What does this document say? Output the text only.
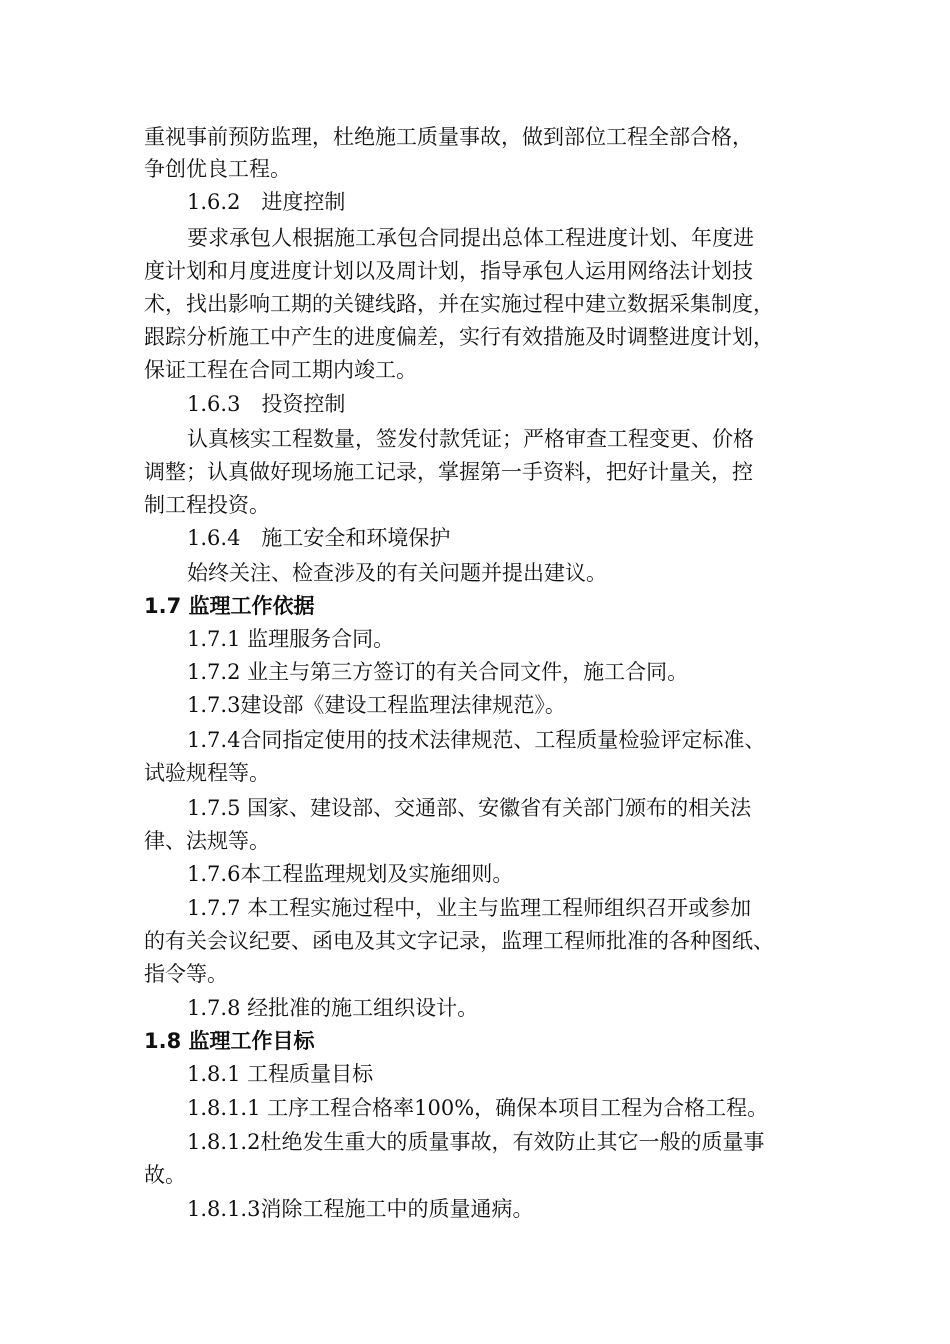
重视事前预防监理，杜绝施工质量事故，做到部位工程全部合格，
争创优良工程。
1.6.2　进度控制
要求承包人根据施工承包合同提出总体工程进度计划、年度进
度计划和月度进度计划以及周计划，指导承包人运用网络法计划技
术，找出影响工期的关键线路，并在实施过程中建立数据采集制度，
跟踪分析施工中产生的进度偏差，实行有效措施及时调整进度计划，
保证工程在合同工期内竣工。
1.6.3　投资控制
认真核实工程数量，签发付款凭证；严格审查工程变更、价格
调整；认真做好现场施工记录，掌握第一手资料，把好计量关，控
制工程投资。
1.6.4　施工安全和环境保护
始终关注、检查涉及的有关问题并提出建议。
1.7 监理工作依据
1.7.1 监理服务合同。
1.7.2 业主与第三方签订的有关合同文件，施工合同。
1.7.3建设部《建设工程监理法律规范》。
1.7.4合同指定使用的技术法律规范、工程质量检验评定标准、
试验规程等。
1.7.5 国家、建设部、交通部、安徽省有关部门颁布的相关法
律、法规等。
1.7.6本工程监理规划及实施细则。
1.7.7 本工程实施过程中，业主与监理工程师组织召开或参加
的有关会议纪要、函电及其文字记录，监理工程师批准的各种图纸、
指令等。
1.7.8 经批准的施工组织设计。
1.8 监理工作目标
1.8.1 工程质量目标
1.8.1.1 工序工程合格率100%，确保本项目工程为合格工程。
1.8.1.2杜绝发生重大的质量事故，有效防止其它一般的质量事
故。
1.8.1.3消除工程施工中的质量通病。
